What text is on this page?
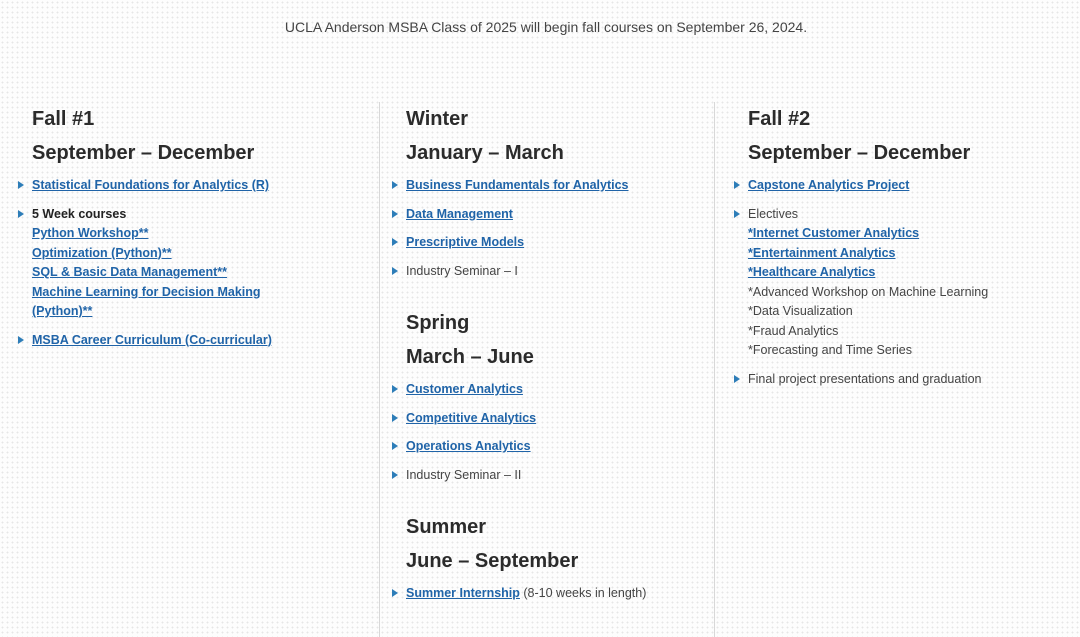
UCLA Anderson MSBA Class of 2025 will begin fall courses on September 26, 2024.
Fall #1
September – December
Statistical Foundations for Analytics (R)
5 Week courses
Python Workshop**
Optimization (Python)**
SQL & Basic Data Management**
Machine Learning for Decision Making
(Python)**
MSBA Career Curriculum (Co-curricular)
Winter
January – March
Business Fundamentals for Analytics
Data Management
Prescriptive Models
Industry Seminar – I
Spring
March – June
Customer Analytics
Competitive Analytics
Operations Analytics
Industry Seminar – II
Summer
June – September
Summer Internship (8-10 weeks in length)
Fall #2
September – December
Capstone Analytics Project
Electives
*Internet Customer Analytics
*Entertainment Analytics
*Healthcare Analytics
*Advanced Workshop on Machine Learning
*Data Visualization
*Fraud Analytics
*Forecasting and Time Series
Final project presentations and graduation
